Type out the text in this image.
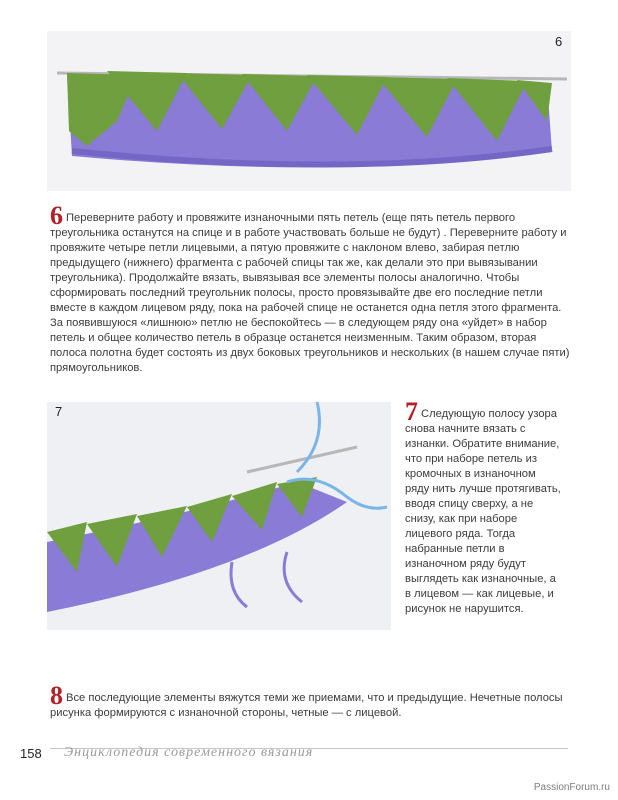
6
6 Переверните работу и провяжите изнаночными пять петель (еще пять петель первого треугольника останутся на спице и в работе участвовать больше не будут) . Переверните работу и провяжите четыре петли лицевыми, а пятую провяжите с наклоном влево, забирая петлю предыдущего (нижнего) фрагмента с рабочей спицы так же, как делали это при вывязывании треугольника). Продолжайте вязать, вывязывая все элементы полосы аналогично. Чтобы сформировать последний треугольник полосы, просто провязывайте две его последние петли вместе в каждом лицевом ряду, пока на рабочей спице не останется одна петля этого фрагмента. За появившуюся «лишнюю» петлю не беспокойтесь — в следующем ряду она «уйдет» в набор петель и общее количество петель в образце останется неизменным. Таким образом, вторая полоса полотна будет состоять из двух боковых треугольников и нескольких (в нашем случае пяти) прямоугольников.
7	7 Следующую полосу узора снова начните вязать с изнанки. Обратите внимание, что при наборе петель из кромочных в изнаночном ряду нить лучше протягивать, вводя спицу сверху, а не снизу, как при наборе лицевого ряда. Тогда набранные петли в изнаночном ряду будут выглядеть как изнаночные, а в лицевом — как лицевые, и рисунок не нарушится.
8 Все последующие элементы вяжутся теми же приемами, что и предыдущие. Нечетные полосы рисунка формируются с изнаночной стороны, четные — с лицевой.
158 Энциклопедия современного вязания
PassionForum.ru
